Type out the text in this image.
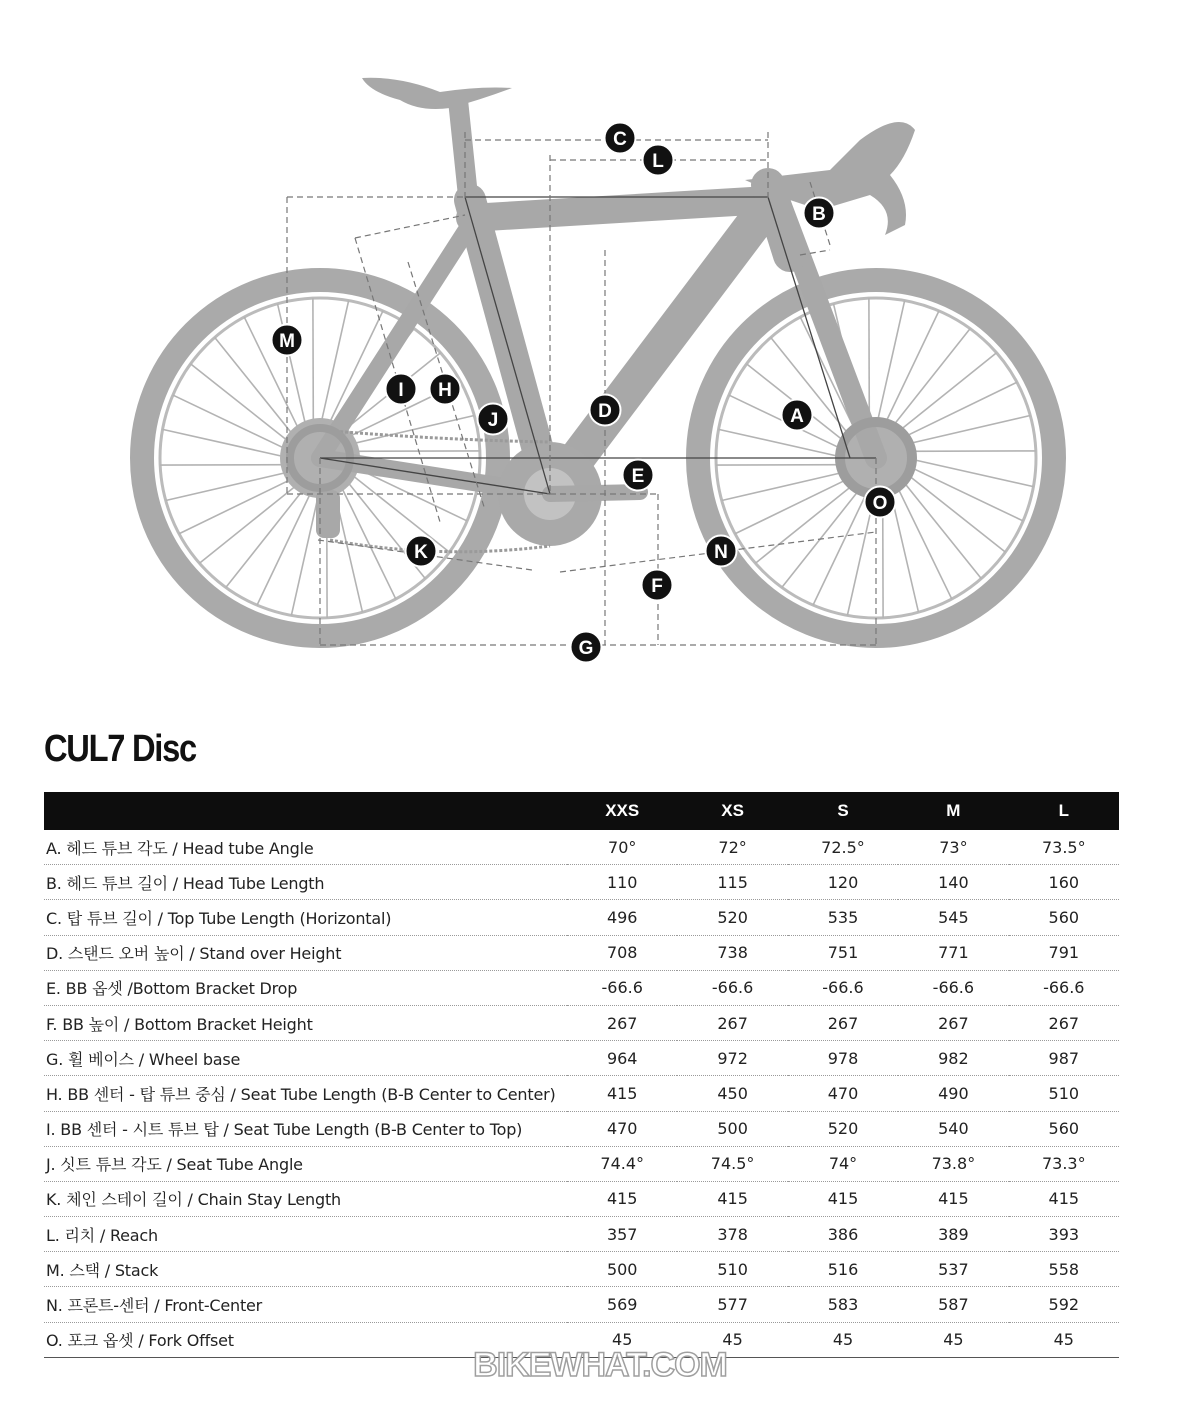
A
B
C
D
E
F
G
H
I
J
K
L
M
N
O
CUL7 Disc
	XXS	XS	S	M	L
A. 헤드 튜브 각도 / Head tube Angle	70°	72°	72.5°	73°	73.5°
B. 헤드 튜브 길이 / Head Tube Length	110	115	120	140	160
C. 탑 튜브 길이 / Top Tube Length (Horizontal)	496	520	535	545	560
D. 스탠드 오버 높이 / Stand over Height	708	738	751	771	791
E. BB 옵셋 /Bottom Bracket Drop	-66.6	-66.6	-66.6	-66.6	-66.6
F. BB 높이 / Bottom Bracket Height	267	267	267	267	267
G. 휠 베이스 / Wheel base	964	972	978	982	987
H. BB 센터 - 탑 튜브 중심 / Seat Tube Length (B-B Center to Center)	415	450	470	490	510
I. BB 센터 - 시트 튜브 탑 / Seat Tube Length (B-B Center to Top)	470	500	520	540	560
J. 싯트 튜브 각도 / Seat Tube Angle	74.4°	74.5°	74°	73.8°	73.3°
K. 체인 스테이 길이 / Chain Stay Length	415	415	415	415	415
L. 리치 / Reach	357	378	386	389	393
M. 스택 / Stack	500	510	516	537	558
N. 프론트-센터 / Front-Center	569	577	583	587	592
O. 포크 옵셋 / Fork Offset	45	45	45	45	45
BIKEWHAT.COM
